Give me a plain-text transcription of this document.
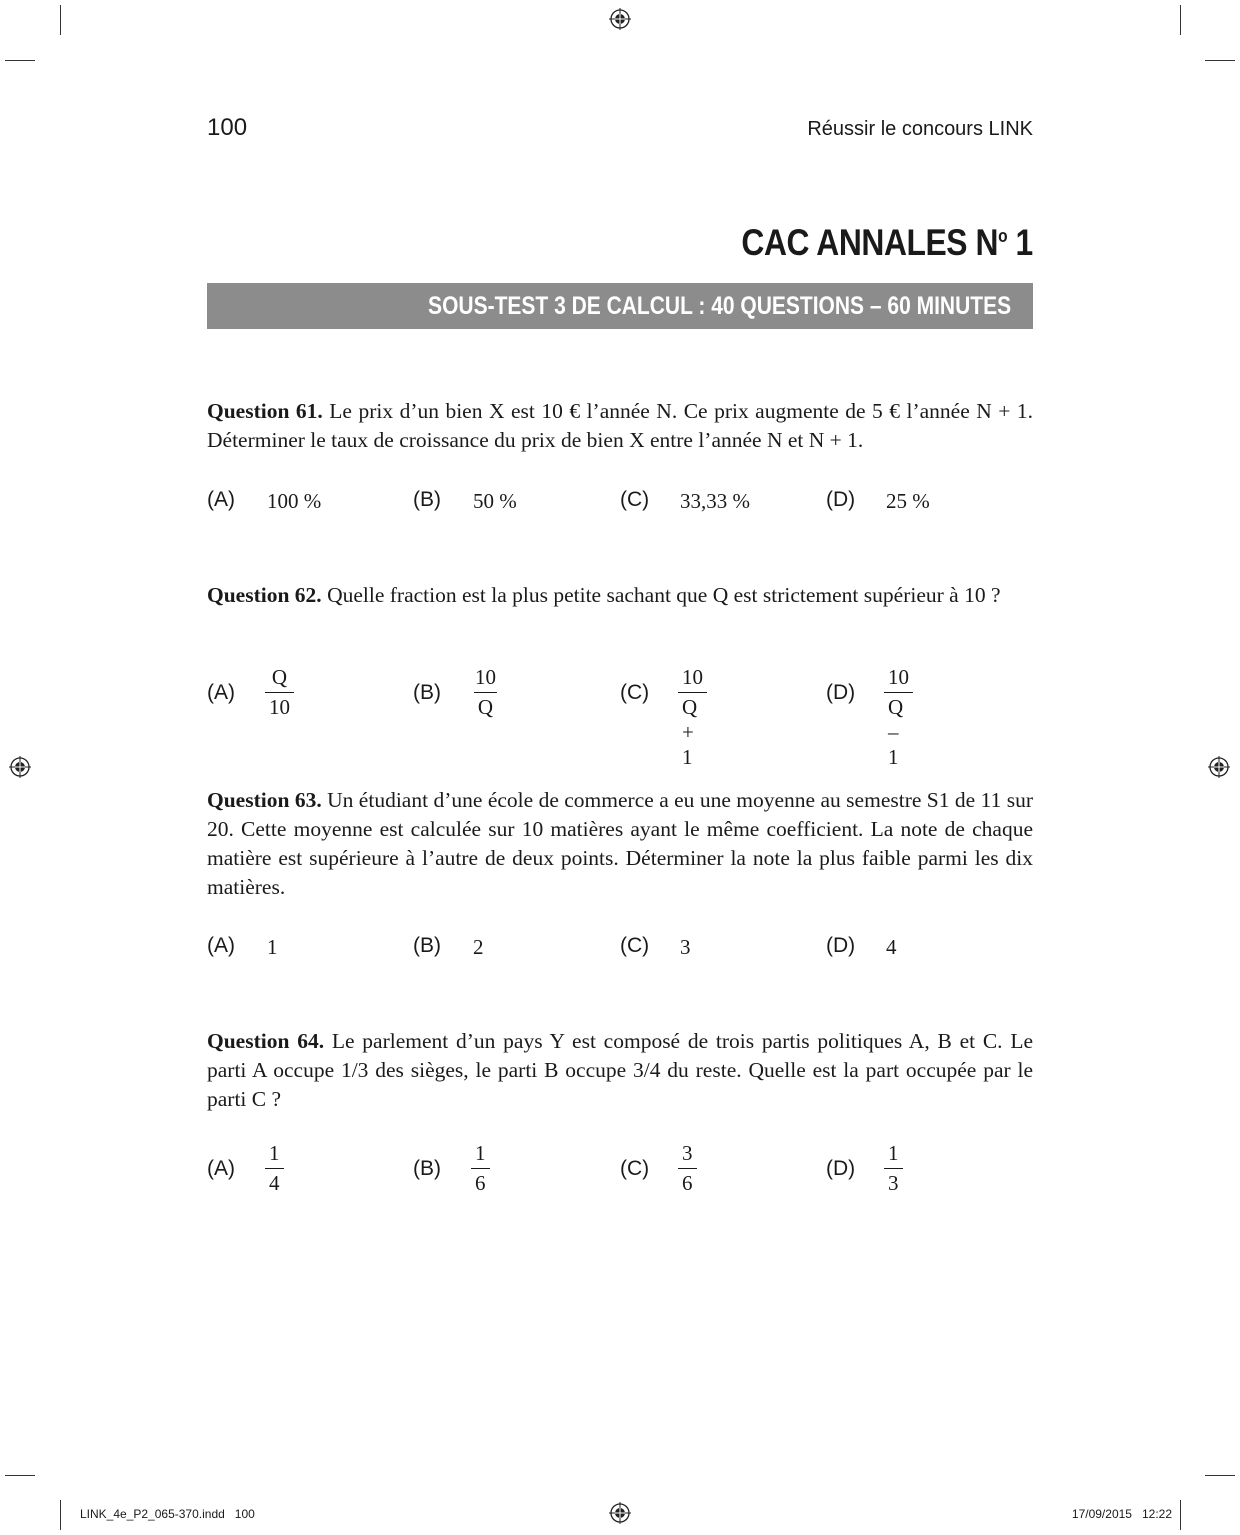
100	Réussir le concours LINK
CAC ANNALES $N^o$ 1
SOUS-TEST 3 DE CALCUL : 40 QUESTIONS – 60 MINUTES
Question 61. Le prix d’un bien X est 10 € l’année N. Ce prix augmente de 5 € l’année N + 1. Déterminer le taux de croissance du prix de bien X entre l’année N et N + 1.
(A) 100 %	(B) 50 %	(C) 33,33 %	(D) 25 %
Question 62. Quelle fraction est la plus petite sachant que Q est strictement supérieur à 10 ?
$(A) \frac{Q}{10}$	$(B) \frac{10}{Q}$	$(C) \frac{10}{Q + 1}$	$(D) \frac{10}{Q - 1}$
Question 63. Un étudiant d’une école de commerce a eu une moyenne au semestre S1 de 11 sur 20. Cette moyenne est calculée sur 10 matières ayant le même coefficient. La note de chaque matière est supérieure à l’autre de deux points. Déterminer la note la plus faible parmi les dix matières.
(A) 1	(B) 2	(C) 3	(D) 4
Question 64. Le parlement d’un pays Y est composé de trois partis politiques A, B et C. Le parti A occupe 1/3 des sièges, le parti B occupe 3/4 du reste. Quelle est la part occupée par le parti C ?
$(A) \frac{1}{4}$	$(B) \frac{1}{6}$	$(C) \frac{3}{6}$	$(D) \frac{1}{3}$
LINK_4e_P2_065-370.indd   100	17/09/2015   12:22
